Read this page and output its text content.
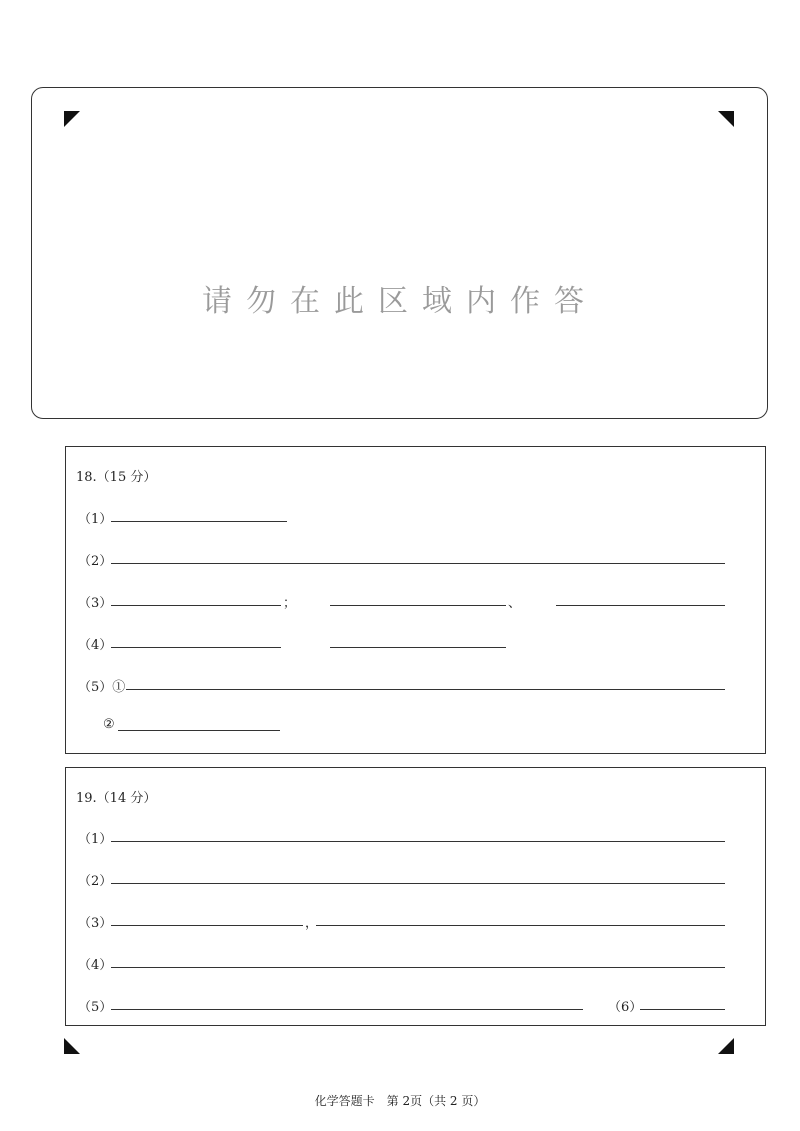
请勿在此区域内作答
18.（15 分）
（1）
（2）
（3）	；	、
（4）
（5）①
②
19.（14 分）
（1）
（2）
（3）	，
（4）
（5）	（6）
化学答题卡　第 2页（共 2 页）
